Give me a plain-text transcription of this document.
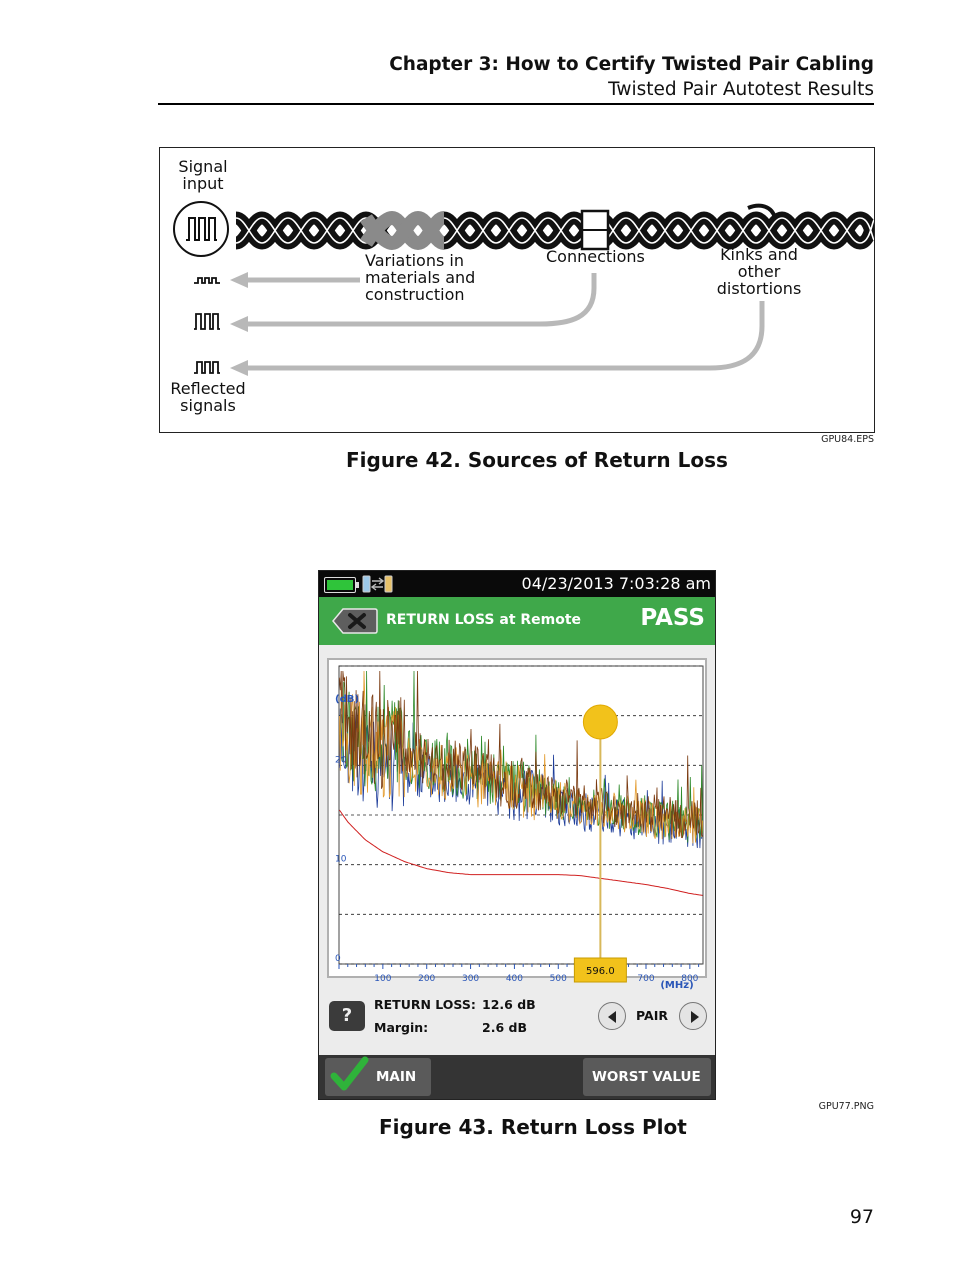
Chapter 3: How to Certify Twisted Pair Cabling
Twisted Pair Autotest Results
Signal
input
Variations in
materials and
construction
Connections	Kinks and
other
distortions
Reflected
signals
GPU84.EPS
Figure 42. Sources of Return Loss
04/23/2013 7:03:28 am
RETURN LOSS at Remote	PASS
0
10
20
100	200	300	400	500	700	800
(dB)
(MHz)
596.0
?
RETURN LOSS: 12.6 dB
Margin:	2.6 dB
PAIR
MAIN	WORST VALUE
GPU77.PNG
Figure 43. Return Loss Plot
97
